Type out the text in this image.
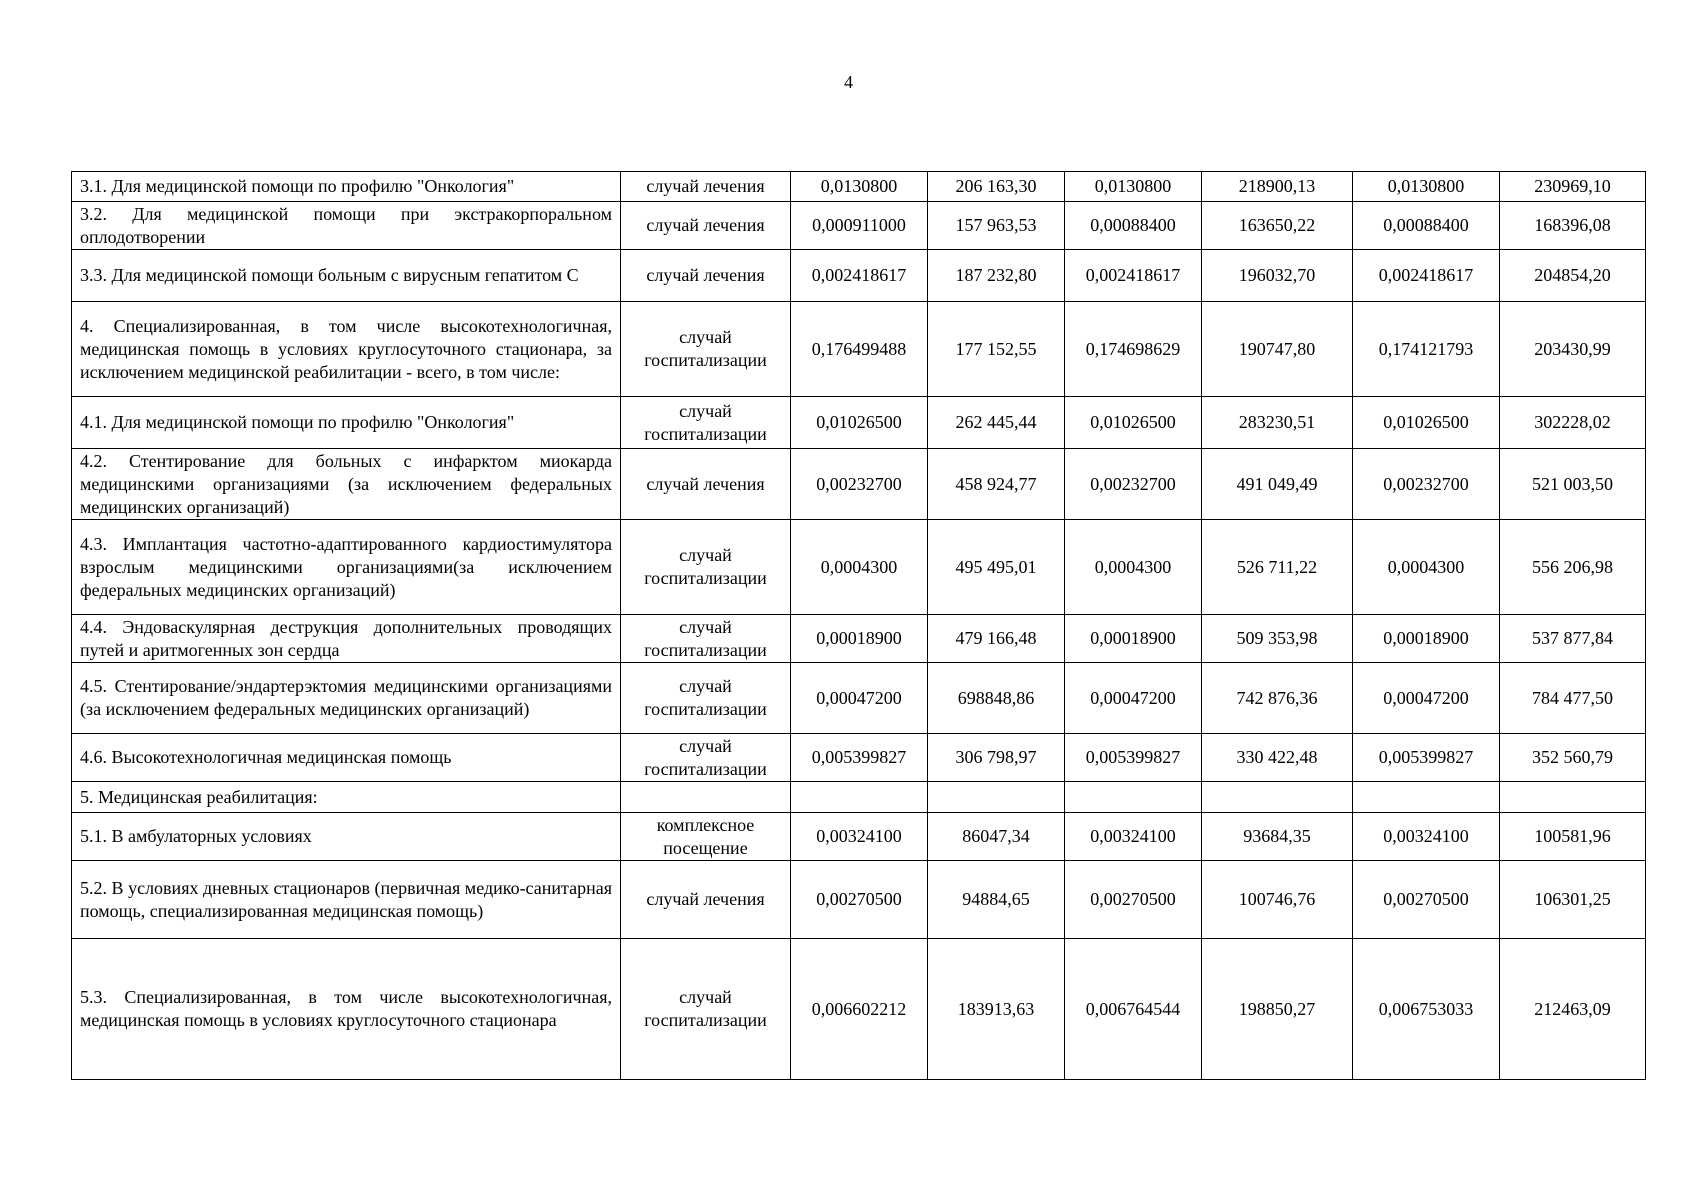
4
3.1. Для медицинской помощи по профилю "Онкология"	случай лечения	0,0130800	206 163,30	0,0130800	218900,13	0,0130800	230969,10
3.2. Для медицинской помощи при экстракорпоральном оплодотворении	случай лечения	0,000911000	157 963,53	0,00088400	163650,22	0,00088400	168396,08
3.3. Для медицинской помощи больным с вирусным гепатитом С	случай лечения	0,002418617	187 232,80	0,002418617	196032,70	0,002418617	204854,20
4. Специализированная, в том числе высокотехнологичная, медицинская помощь в условиях круглосуточного стационара, за исключением медицинской реабилитации - всего, в том числе:	случай госпитализации	0,176499488	177 152,55	0,174698629	190747,80	0,174121793	203430,99
4.1. Для медицинской помощи по профилю "Онкология"	случай госпитализации	0,01026500	262 445,44	0,01026500	283230,51	0,01026500	302228,02
4.2. Стентирование для больных с инфарктом миокарда медицинскими организациями (за исключением федеральных медицинских организаций)	случай лечения	0,00232700	458 924,77	0,00232700	491 049,49	0,00232700	521 003,50
4.3. Имплантация частотно-адаптированного кардиостимулятора взрослым медицинскими организациями(за исключением федеральных медицинских организаций)	случай госпитализации	0,0004300	495 495,01	0,0004300	526 711,22	0,0004300	556 206,98
4.4. Эндоваскулярная деструкция дополнительных проводящих путей и аритмогенных зон сердца	случай госпитализации	0,00018900	479 166,48	0,00018900	509 353,98	0,00018900	537 877,84
4.5. Стентирование/эндартерэктомия медицинскими организациями (за исключением федеральных медицинских организаций)	случай госпитализации	0,00047200	698848,86	0,00047200	742 876,36	0,00047200	784 477,50
4.6. Высокотехнологичная медицинская помощь	случай госпитализации	0,005399827	306 798,97	0,005399827	330 422,48	0,005399827	352 560,79
5. Медицинская реабилитация:							
5.1. В амбулаторных условиях	комплексное посещение	0,00324100	86047,34	0,00324100	93684,35	0,00324100	100581,96
5.2. В условиях дневных стационаров (первичная медико-санитарная помощь, специализированная медицинская помощь)	случай лечения	0,00270500	94884,65	0,00270500	100746,76	0,00270500	106301,25
5.3. Специализированная, в том числе высокотехнологичная, медицинская помощь в условиях круглосуточного стационара	случай госпитализации	0,006602212	183913,63	0,006764544	198850,27	0,006753033	212463,09
